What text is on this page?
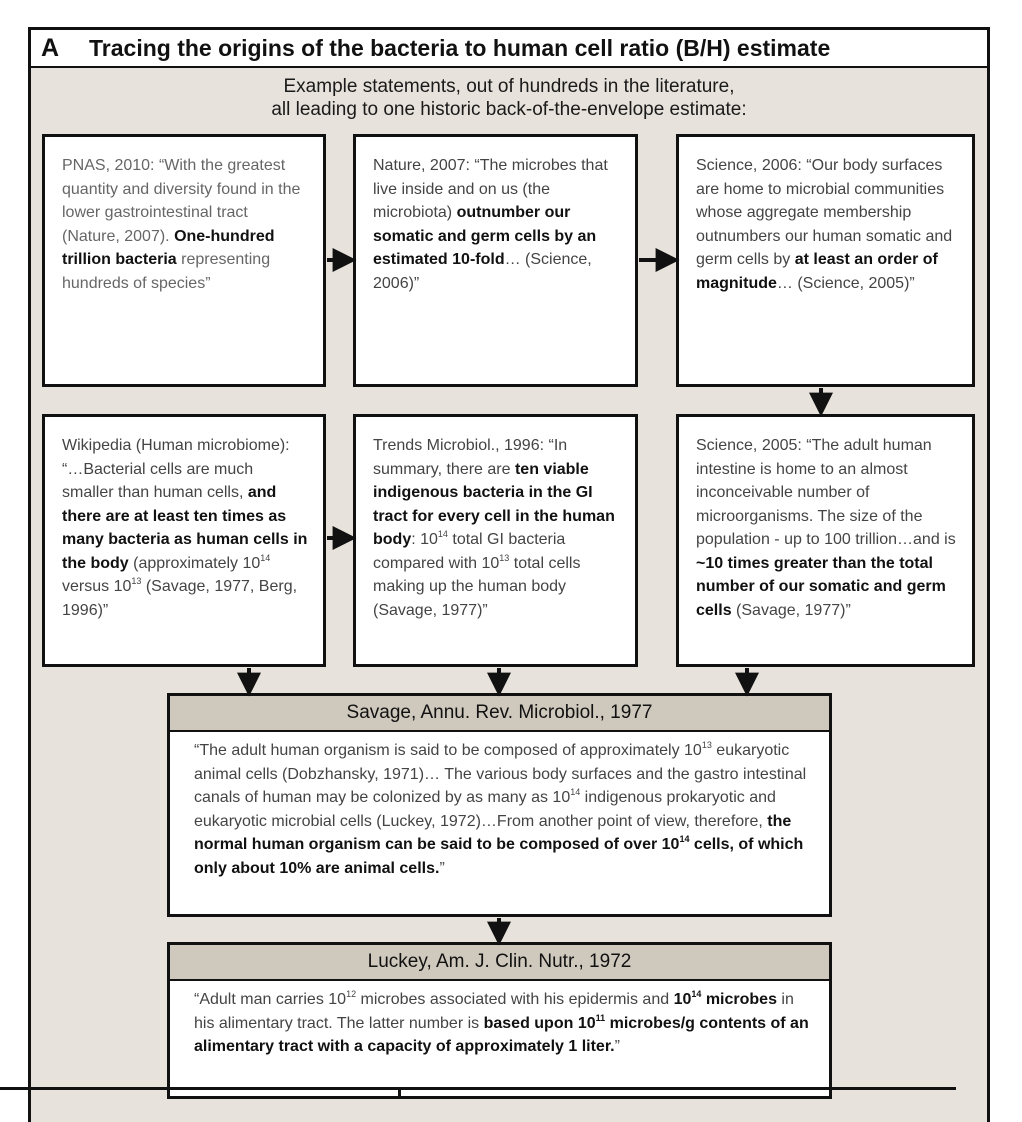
A Tracing the origins of the bacteria to human cell ratio (B/H) estimate
Example statements, out of hundreds in the literature,
all leading to one historic back-of-the-envelope estimate:
PNAS, 2010: “With the greatest quantity and diversity found in the lower gastrointestinal tract (Nature, 2007). One-hundred trillion bacteria representing hundreds of species”
Nature, 2007: “The microbes that live inside and on us (the microbiota) outnumber our somatic and germ cells by an estimated 10-fold… (Science, 2006)”
Science, 2006: “Our body surfaces are home to microbial communities whose aggregate membership outnumbers our human somatic and germ cells by at least an order of magnitude… (Science, 2005)”
Wikipedia (Human microbiome): “…Bacterial cells are much smaller than human cells, and there are at least ten times as many bacteria as human cells in the body (approximately $10^{14}$ versus $10^{13}$ (Savage, 1977, Berg, 1996)”
Trends Microbiol., 1996: “In summary, there are ten viable indigenous bacteria in the GI tract for every cell in the human body: $10^{14}$ total GI bacteria compared with $10^{13}$ total cells making up the human body (Savage, 1977)”
Science, 2005: “The adult human intestine is home to an almost inconceivable number of microorganisms. The size of the population - up to 100 trillion…and is ~10 times greater than the total number of our somatic and germ cells (Savage, 1977)”
Savage, Annu. Rev. Microbiol., 1977
“The adult human organism is said to be composed of approximately $10^{13}$ eukaryotic animal cells (Dobzhansky, 1971)… The various body surfaces and the gastro intestinal canals of human may be colonized by as many as $10^{14}$ indigenous prokaryotic and eukaryotic microbial cells (Luckey, 1972)…From another point of view, therefore, the normal human organism can be said to be composed of over $10^{14}$ cells, of which only about 10% are animal cells.”
Luckey, Am. J. Clin. Nutr., 1972
“Adult man carries $10^{12}$ microbes associated with his epidermis and $10^{14}$ microbes in his alimentary tract. The latter number is based upon $10^{11}$ microbes/g contents of an alimentary tract with a capacity of approximately 1 liter.”
